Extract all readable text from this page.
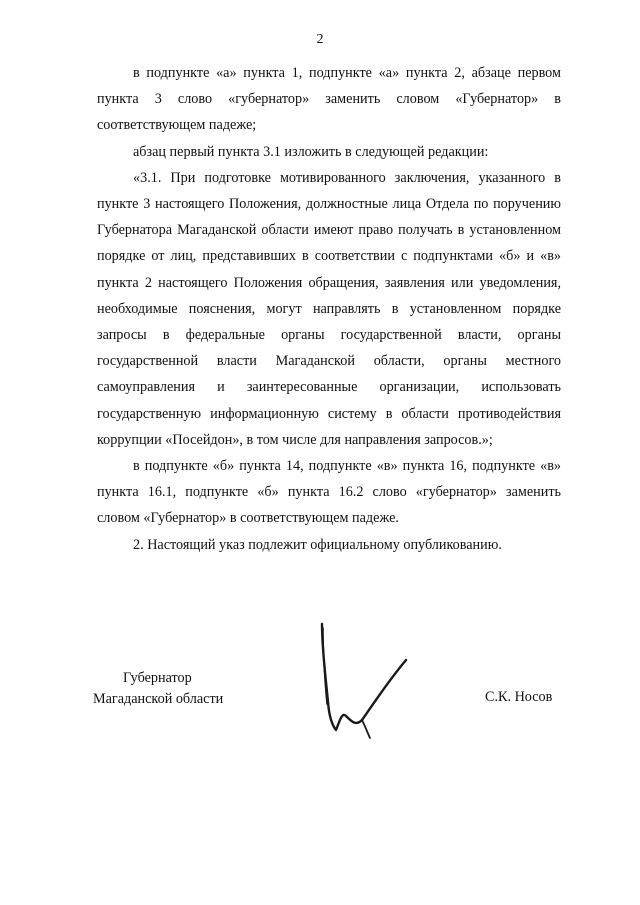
2

в подпункте «а» пункта 1, подпункте «а» пункта 2, абзаце первом пункта 3 слово «губернатор» заменить словом «Губернатор» в соответствующем падеже;

абзац первый пункта 3.1 изложить в следующей редакции:

«3.1. При подготовке мотивированного заключения, указанного в пункте 3 настоящего Положения, должностные лица Отдела по поручению Губернатора Магаданской области имеют право получать в установленном порядке от лиц, представивших в соответствии с подпунктами «б» и «в» пункта 2 настоящего Положения обращения, заявления или уведомления, необходимые пояснения, могут направлять в установленном порядке запросы в федеральные органы государственной власти, органы государственной власти Магаданской области, органы местного самоуправления и заинтересованные организации, использовать государственную информационную систему в области противодействия коррупции «Посейдон», в том числе для направления запросов.»;

в подпункте «б» пункта 14, подпункте «в» пункта 16, подпункте «в» пункта 16.1, подпункте «б» пункта 16.2 слово «губернатор» заменить словом «Губернатор» в соответствующем падеже.

2. Настоящий указ подлежит официальному опубликованию.

Губернатор
Магаданской области	С.К. Носов
